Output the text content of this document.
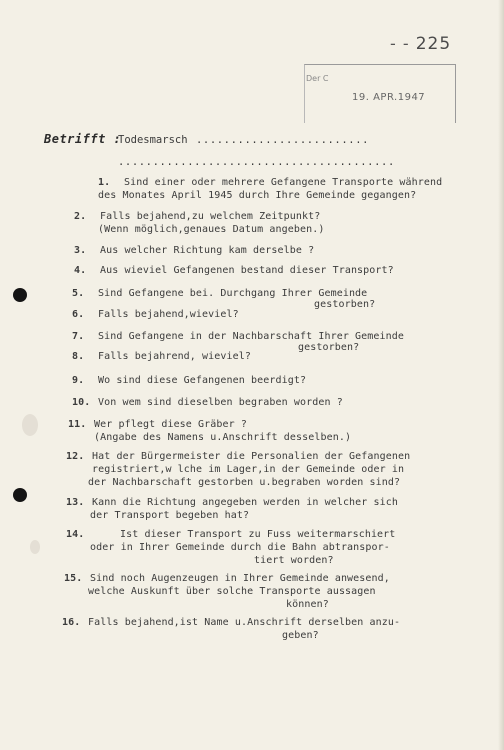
- - 225
Der C
19. APR.1947
Betrifft :
Todesmarsch .........................
........................................

1.

Sind einer oder mehrere Gefangene Transporte während

des Monates April 1945 durch Ihre Gemeinde gegangen?

2.

Falls bejahend,zu welchem Zeitpunkt?

(Wenn möglich,genaues Datum angeben.)

3.

Aus welcher Richtung kam derselbe ?

4.

Aus wieviel Gefangenen bestand dieser Transport?

5.

Sind Gefangene bei. Durchgang Ihrer Gemeinde

gestorben?

6.

Falls bejahend,wieviel?

7.

Sind Gefangene in der Nachbarschaft Ihrer Gemeinde

gestorben?

8.

Falls bejahrend, wieviel?

9.

Wo sind diese Gefangenen beerdigt?

10.

Von wem sind dieselben begraben worden ?

11.

Wer pflegt diese Gräber ?

(Angabe des Namens u.Anschrift desselben.)

12.

Hat der Bürgermeister die Personalien der Gefangenen

registriert,w lche im Lager,in der Gemeinde oder in

der Nachbarschaft gestorben u.begraben worden sind?

13.

Kann die Richtung angegeben werden in welcher sich

der Transport begeben hat?

14.

	Ist dieser Transport zu Fuss weitermarschiert

oder in Ihrer Gemeinde durch die Bahn abtranspor-

tiert worden?

15.

Sind noch Augenzeugen in Ihrer Gemeinde anwesend,

welche Auskunft über solche Transporte aussagen

können?

16.

Falls bejahend,ist Name u.Anschrift derselben anzu-

geben?
